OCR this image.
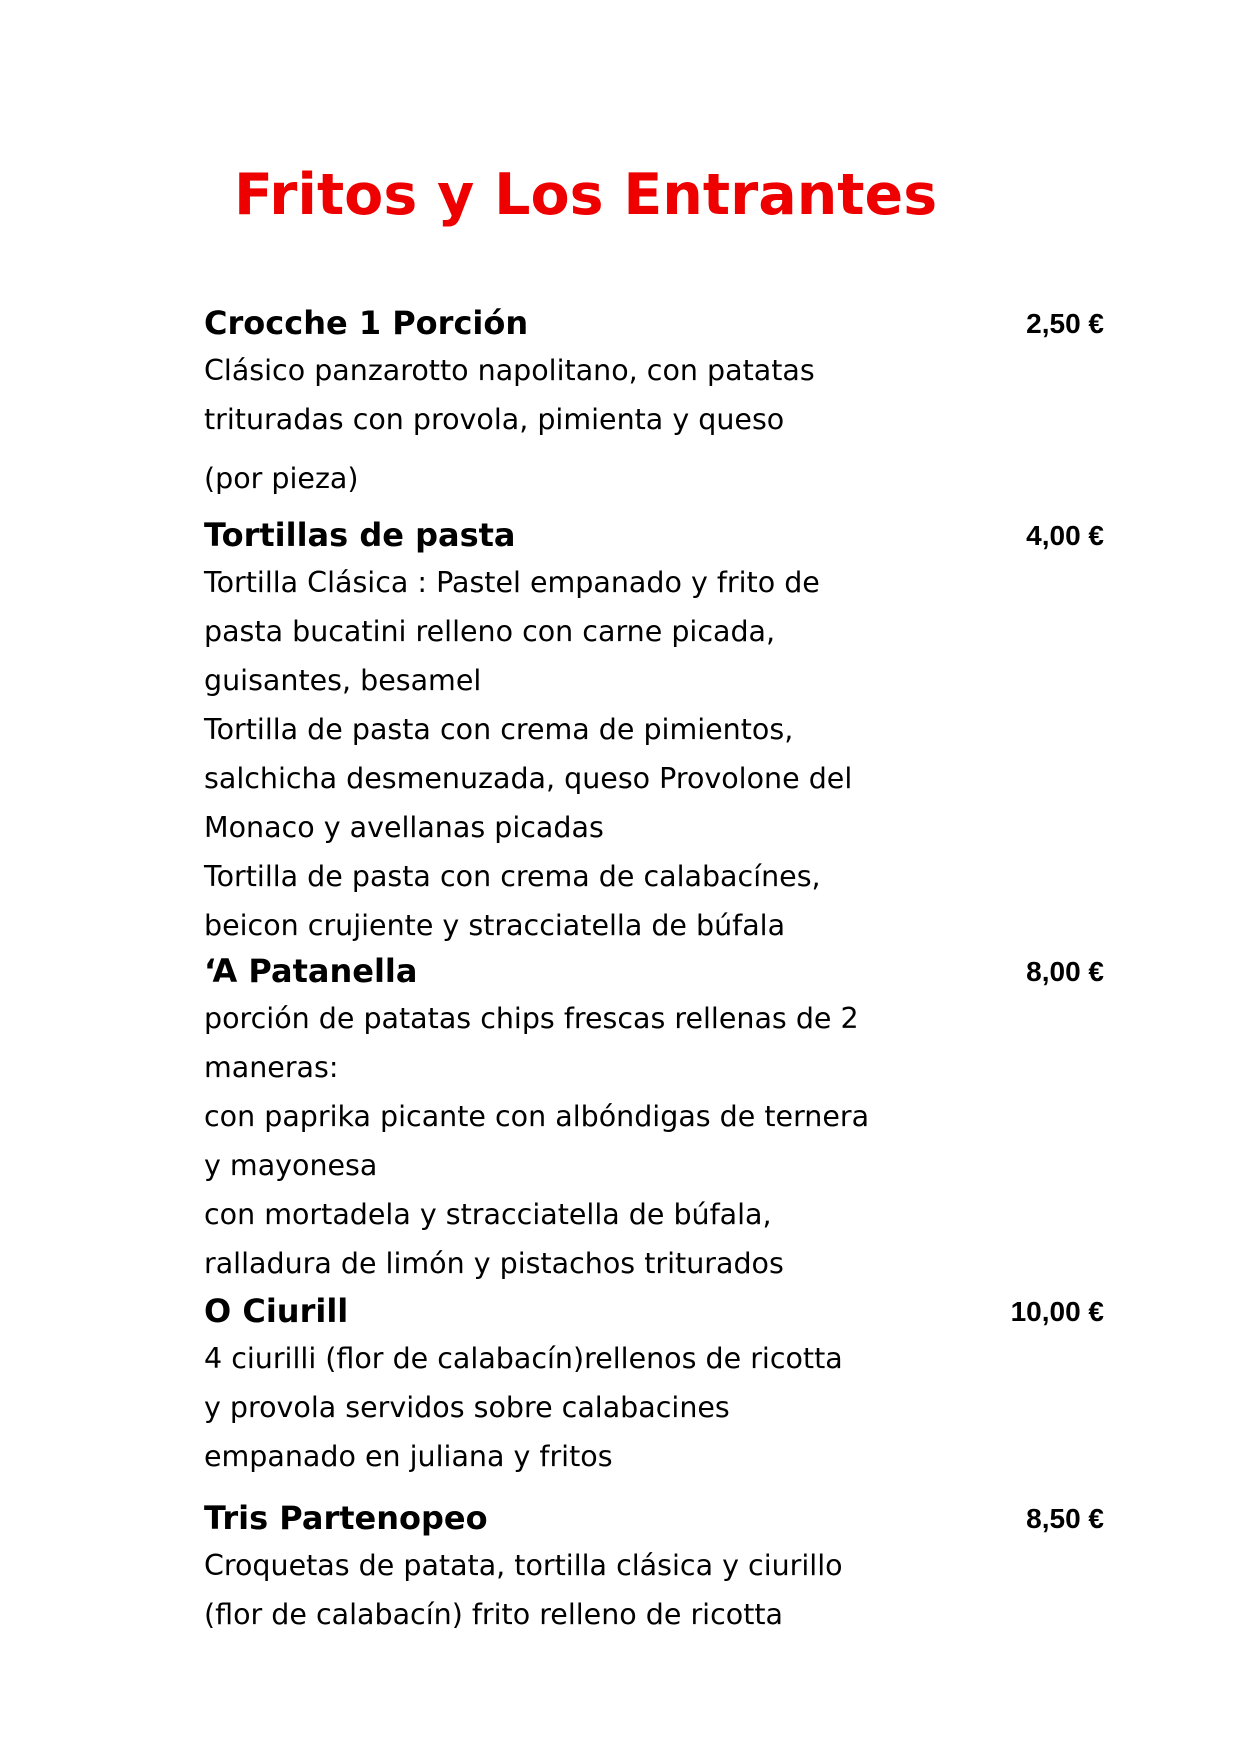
Fritos y Los Entrantes
Crocche 1 Porción	2,50 €
Clásico panzarotto napolitano, con patatas
trituradas con provola, pimienta y queso
(por pieza)
Tortillas de pasta	4,00 €
Tortilla Clásica : Pastel empanado y frito de
pasta bucatini relleno con carne picada,
guisantes, besamel
Tortilla de pasta con crema de pimientos,
salchicha desmenuzada, queso Provolone del
Monaco y avellanas picadas
Tortilla de pasta con crema de calabacínes,
beicon crujiente y stracciatella de búfala
‘A Patanella	8,00 €
porción de patatas chips frescas rellenas de 2
maneras:
con paprika picante con albóndigas de ternera
y mayonesa
con mortadela y stracciatella de búfala,
ralladura de limón y pistachos triturados
O Ciurill	10,00 €
4 ciurilli (flor de calabacín)rellenos de ricotta
y provola servidos sobre calabacines
empanado en juliana y fritos
Tris Partenopeo	8,50 €
Croquetas de patata, tortilla clásica y ciurillo
(flor de calabacín) frito relleno de ricotta
